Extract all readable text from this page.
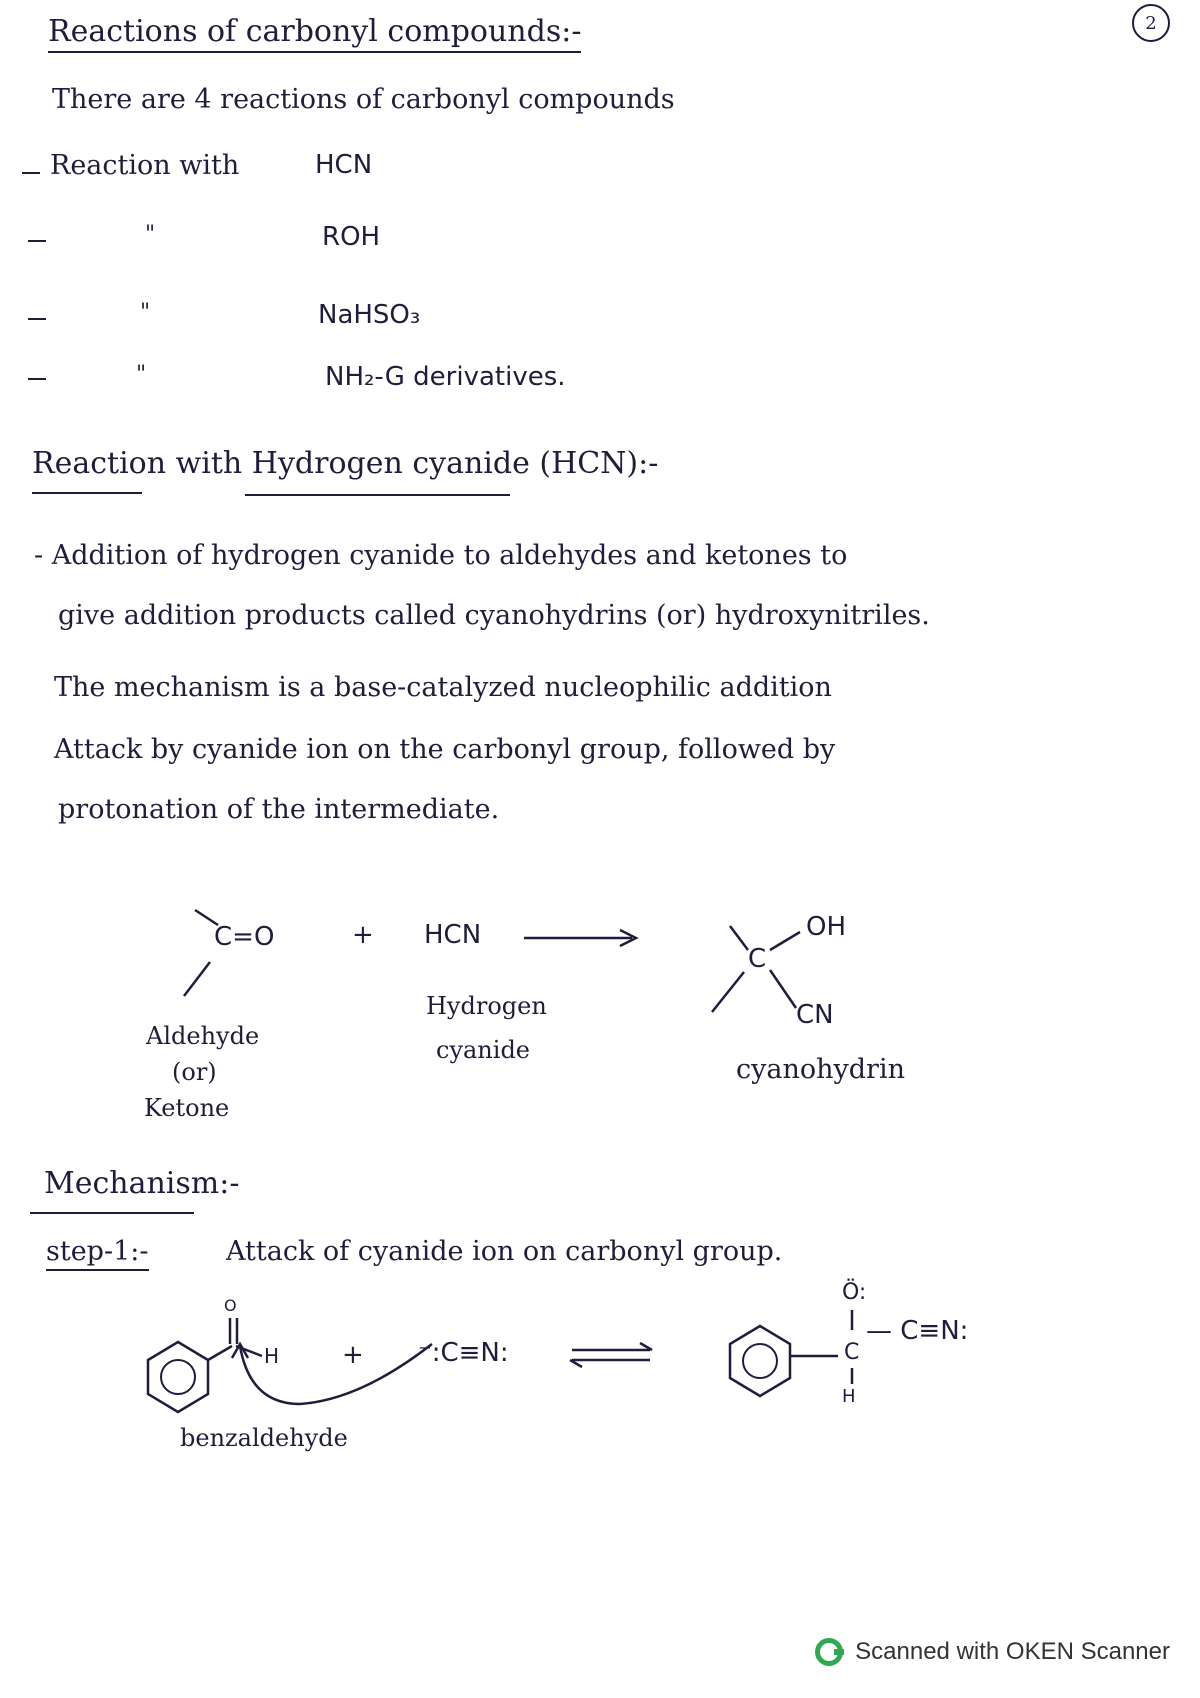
2
Reactions of carbonyl compounds:-
There are 4 reactions of carbonyl compounds
Reaction with	HCN
"	ROH
"	NaHSO₃
"	NH₂-G derivatives.
Reaction with Hydrogen cyanide (HCN):-
- Addition of hydrogen cyanide to aldehydes and ketones to
give addition products called cyanohydrins (or) hydroxynitriles.
The mechanism is a base-catalyzed nucleophilic addition
Attack by cyanide ion on the carbonyl group, followed by
protonation of the intermediate.
C=O	+ HCN	OH
C
CN
Aldehyde
(or)
Ketone
Hydrogen
cyanide
cyanohydrin
Mechanism:-
step-1:-	Attack of cyanide ion on carbonyl group.
O
H + ⁻:C≡N:
Ö:
C
— C≡N:
H
benzaldehyde
Scanned with OKEN Scanner
